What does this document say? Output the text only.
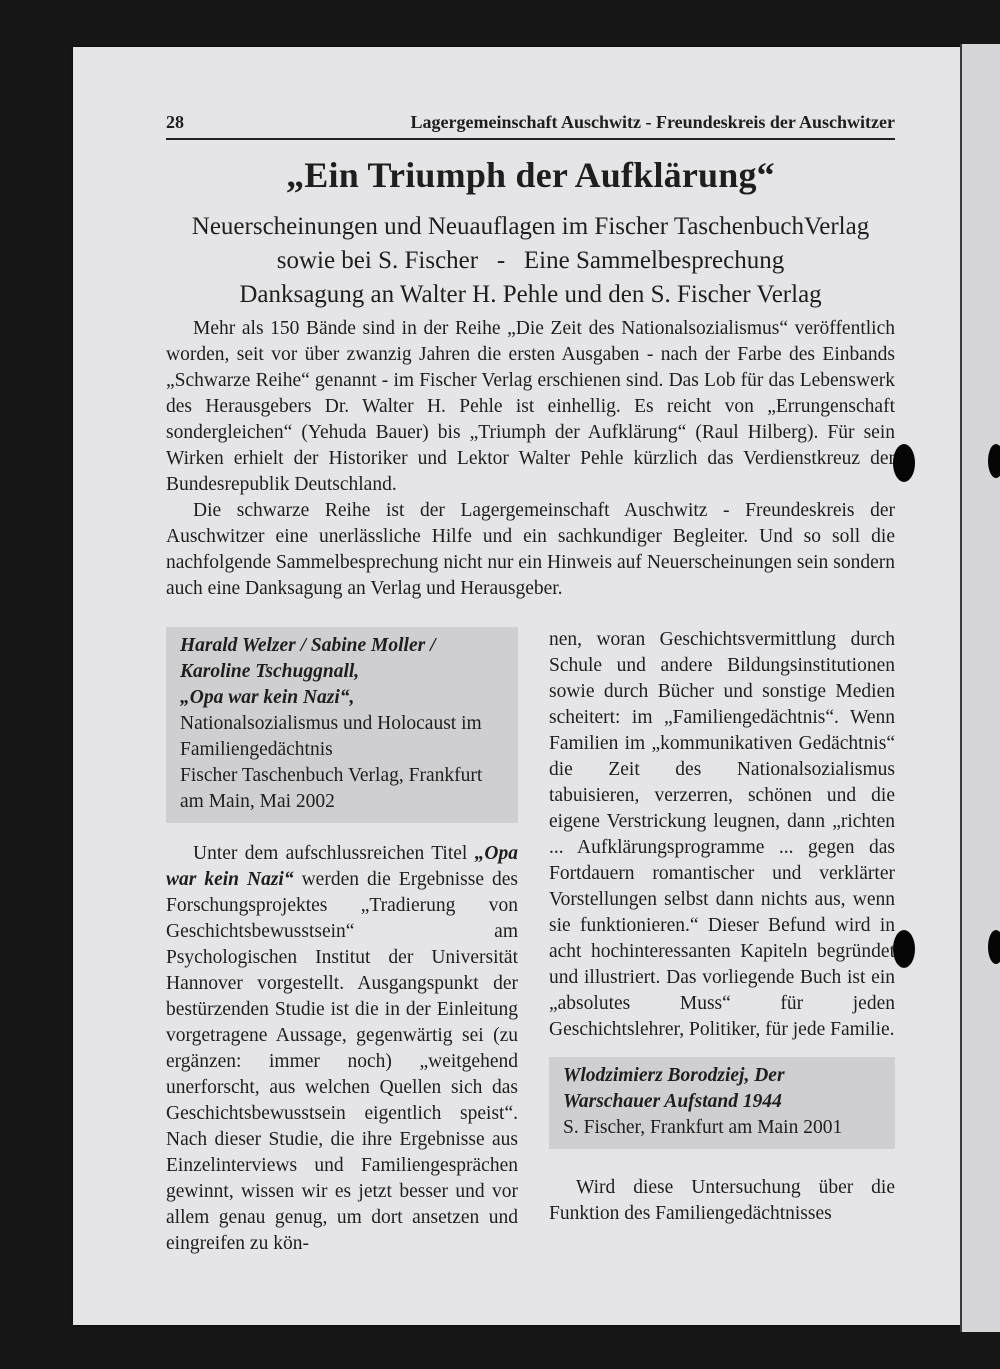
28	Lagergemeinschaft Auschwitz - Freundeskreis der Auschwitzer
„Ein Triumph der Aufklärung“
Neuerscheinungen und Neuauflagen im Fischer TaschenbuchVerlag
sowie bei S. Fischer   -   Eine Sammelbesprechung
Danksagung an Walter H. Pehle und den S. Fischer Verlag

Mehr als 150 Bände sind in der Reihe „Die Zeit des Nationalsozialismus“ veröffentlich worden, seit vor über zwanzig Jahren die ersten Ausgaben - nach der Farbe des Einbands „Schwarze Reihe“ genannt - im Fischer Verlag erschienen sind. Das Lob für das Lebenswerk des Herausgebers Dr. Walter H. Pehle ist einhellig. Es reicht von „Errungenschaft sondergleichen“ (Yehuda Bauer) bis „Triumph der Aufklärung“ (Raul Hilberg). Für sein Wirken erhielt der Historiker und Lektor Walter Pehle kürzlich das Verdienstkreuz der Bundesrepublik Deutschland.

Die schwarze Reihe ist der Lagergemeinschaft Auschwitz - Freundeskreis der Auschwitzer eine unerlässliche Hilfe und ein sachkundiger Begleiter. Und so soll die nachfolgende Sammelbesprechung nicht nur ein Hinweis auf Neuerscheinungen sein sondern auch eine Danksagung an Verlag und Herausgeber.

Harald Welzer / Sabine Moller / Karoline Tschuggnall,
„Opa war kein Nazi“,
Nationalsozialismus und Holocaust im Familiengedächtnis
Fischer Taschenbuch Verlag, Frankfurt am Main, Mai 2002

Unter dem aufschlussreichen Titel „Opa war kein Nazi“ werden die Ergebnisse des Forschungsprojektes „Tradierung von Geschichtsbewusstsein“ am Psychologischen Institut der Universität Hannover vorgestellt. Ausgangspunkt der bestürzenden Studie ist die in der Einleitung vorgetragene Aussage, gegenwärtig sei (zu ergänzen: immer noch) „weitgehend unerforscht, aus welchen Quellen sich das Geschichtsbewusstsein eigentlich speist“. Nach dieser Studie, die ihre Ergebnisse aus Einzelinterviews und Familiengesprächen gewinnt, wissen wir es jetzt besser und vor allem genau genug, um dort ansetzen und eingreifen zu kön-

nen, woran Geschichtsvermittlung durch Schule und andere Bildungsinstitutionen sowie durch Bücher und sonstige Medien scheitert: im „Familiengedächtnis“. Wenn Familien im „kommunikativen Gedächtnis“ die Zeit des Nationalsozialismus tabuisieren, verzerren, schönen und die eigene Verstrickung leugnen, dann „richten ... Aufklärungsprogramme ... gegen das Fortdauern romantischer und verklärter Vorstellungen selbst dann nichts aus, wenn sie funktionieren.“ Dieser Befund wird in acht hochinteressanten Kapiteln begründet und illustriert. Das vorliegende Buch ist ein „absolutes Muss“ für jeden Geschichtslehrer, Politiker, für jede Familie.

Wlodzimierz Borodziej, Der Warschauer Aufstand 1944
S. Fischer, Frankfurt am Main 2001

Wird diese Untersuchung über die Funktion des Familiengedächtnisses
